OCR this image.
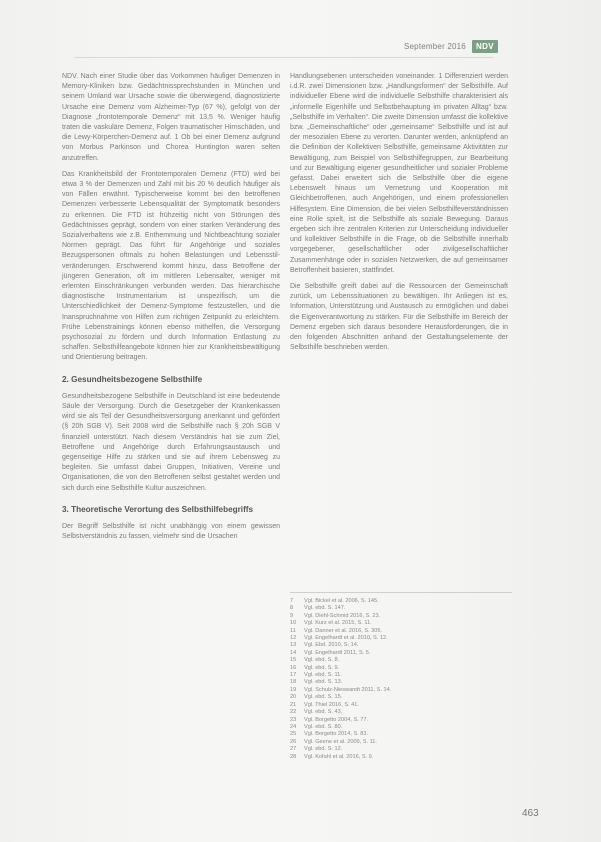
September 2016	NDV

NDV. Nach einer Studie über das Vorkommen häufiger Demenzen in Memory-Kliniken bzw. Gedächtnissprechstunden in München und seinem Umland war Ursache sowie die überwiegend, diagnostizierte Ursache eine Demenz vom Alzheimer-Typ (67 %), gefolgt von der Diagnose „frontotemporale Demenz“ mit 13,5 %. Weniger häufig traten die vaskuläre Demenz, Folgen traumatischer Hirnschäden, und die Lewy-Körperchen-Demenz auf. 1 Ob bei einer Demenz aufgrund von Morbus Parkinson und Chorea Huntington waren selten anzutreffen.

Das Krankheitsbild der Frontotemporalen Demenz (FTD) wird bei etwa 3 % der Demenzen und Zahl mit bis 20 % deutlich häufiger als von Fällen erwähnt. Typischerweise kommt bei den betroffenen Demenzen verbesserte Lebensqualität der Symptomatik besonders zu erkennen. Die FTD ist frühzeitig nicht von Störungen des Gedächtnisses geprägt, sondern von einer starken Veränderung des Sozialverhaltens wie z.B. Enthemmung und Nichtbeachtung sozialer Normen geprägt. Das führt für Angehörige und soziales Bezugspersonen oftmals zu hohen Belastungen und Lebensstil-veränderungen. Erschwerend kommt hinzu, dass Betroffene der jüngeren Generation, oft im mittleren Lebensalter, weniger mit erlernten Einschränkungen verbunden werden. Das hierarchische diagnostische Instrumentarium ist unspezifisch, um die Unterschiedlichkeit der Demenz-Symptome festzustellen, und die Inanspruchnahme von Hilfen zum richtigen Zeitpunkt zu erleichtern. Frühe Lebenstrainings können ebenso mithelfen, die Versorgung psychosozial zu fördern und durch Information Entlastung zu schaffen. Selbsthilfeangebote können hier zur Krankheitsbewältigung und Orientierung beitragen.

2. Gesundheitsbezogene Selbsthilfe

Gesundheitsbezogene Selbsthilfe in Deutschland ist eine bedeutende Säule der Versorgung. Durch die Gesetzgeber der Krankenkassen wird sie als Teil der Gesundheitsversorgung anerkannt und gefördert (§ 20h SGB V). Seit 2008 wird die Selbsthilfe nach § 20h SGB V finanziell unterstützt. Nach diesem Verständnis hat sie zum Ziel, Betroffene und Angehörige durch Erfahrungsaustausch und gegenseitige Hilfe zu stärken und sie auf ihrem Lebensweg zu begleiten. Sie umfasst dabei Gruppen, Initiativen, Vereine und Organisationen, die von den Betroffenen selbst gestaltet werden und sich durch eine Selbsthilfe Kultur auszeichnen.

3. Theoretische Verortung des Selbsthilfebegriffs

Der Begriff Selbsthilfe ist nicht unabhängig von einem gewissen Selbstverständnis zu fassen, vielmehr sind die Ursachen

Handlungsebenen unterscheiden voneinander. 1 Differenziert werden i.d.R. zwei Dimensionen bzw. „Handlungsformen“ der Selbsthilfe. Auf individueller Ebene wird die individuelle Selbsthilfe charakterisiert als „informelle Eigenhilfe und Selbstbehauptung im privaten Alltag“ bzw. „Selbsthilfe im Verhalten“. Die zweite Dimension umfasst die kollektive bzw. „Gemeinschaftliche“ oder „gemeinsame“ Selbsthilfe und ist auf der mesozialen Ebene zu verorten. Darunter werden, anknüpfend an die Definition der Kollektiven Selbsthilfe, gemeinsame Aktivitäten zur Bewältigung, zum Beispiel von Selbsthilfegruppen, zur Bearbeitung und zur Bewältigung eigener gesundheitlicher und sozialer Probleme gefasst. Dabei erweitert sich die Selbsthilfe über die eigene Lebenswelt hinaus um Vernetzung und Kooperation mit Gleichbetroffenen, auch Angehörigen, und einem professionellen Hilfesystem. Eine Dimension, die bei vielen Selbsthilfeverständnissen eine Rolle spielt, ist die Selbsthilfe als soziale Bewegung. Daraus ergeben sich ihre zentralen Kriterien zur Unterscheidung individueller und kollektiver Selbsthilfe in die Frage, ob die Selbsthilfe innerhalb vorgegebener, gesellschaftlicher oder zivilgesellschaftlicher Zusammenhänge oder in sozialen Netzwerken, die auf gemeinsamer Betroffenheit basieren, stattfindet.

Die Selbsthilfe greift dabei auf die Ressourcen der Gemeinschaft zurück, um Lebenssituationen zu bewältigen. Ihr Anliegen ist es, Information, Unterstützung und Austausch zu ermöglichen und dabei die Eigenverantwortung zu stärken. Für die Selbsthilfe im Bereich der Demenz ergeben sich daraus besondere Herausforderungen, die in den folgenden Abschnitten anhand der Gestaltungselemente der Selbsthilfe beschrieben werden.

7	Vgl. Bickel et al. 2006, S. 145.
8	Vgl. ebd. S. 147.
9	Vgl. Diehl-Schmid 2016, S. 23.
10	Vgl. Kurz et al. 2015, S. 11.
11	Vgl. Danner et al. 2016, S. 305.
12	Vgl. Engelhardt et al. 2010, S. 12.
13	Vgl. Ebd. 2010, S. 14.
14	Vgl. Engelhardt 2011, S. 5.
15	Vgl. ebd. S. 8.
16	Vgl. ebd. S. 9.
17	Vgl. ebd. S. 11.
18	Vgl. ebd. S. 13.
19	Vgl. Schulz-Nieswandt 2011, S. 14.
20	Vgl. ebd. S. 15.
21	Vgl. Thiel 2016, S. 41.
22	Vgl. ebd. S. 43.
23	Vgl. Borgetto 2004, S. 77.
24	Vgl. ebd. S. 80.
25	Vgl. Borgetto 2014, S. 83.
26	Vgl. Geene et al. 2009, S. 11.
27	Vgl. ebd. S. 12.
28	Vgl. Kofahl et al. 2016, S. 9.
463
